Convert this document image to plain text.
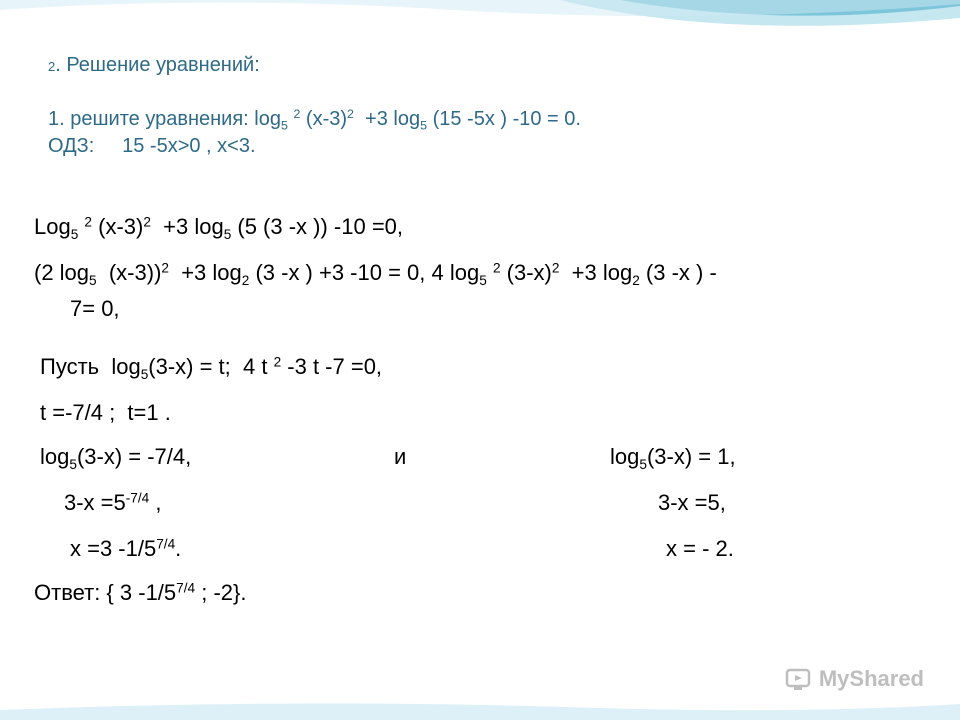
2. Решение уравнений:
1. решите уравнения: $\log_5 ^2$ $(x-3)^2 +3$ $\log_5 (15$ -5x ) -10 = 0.
ОДЗ: 15 -5x>0 , x<3.
Log$_5$ $^2$ $(x-3)^2 +3$ $\log_5 (5$ (3 -x )) -10 =0,
(2 $\log_5 (x-3))^2 +3$ $\log_2 (3$ -x ) +3 -10 = 0, 4 $\log_5 ^2$ $(3-x)^2 +3$ $\log_2 (3$ -x ) -
7= 0,
Пусть  $\log_5(3-x) = t$;  4 t $^2$ -3 t -7 =0,
t =-7/4 ;  t=1 .
$\log_5(3-x) = -7/4$,	и	$\log_5(3-x) = 1$,
$3-x =5^{-7/4}$ ,	3-x =5,
x =3 $-1/5^{7/4}$.	x = - 2.
Ответ: { 3 $-1/5^{7/4}$ ; -2}.
MyShared
